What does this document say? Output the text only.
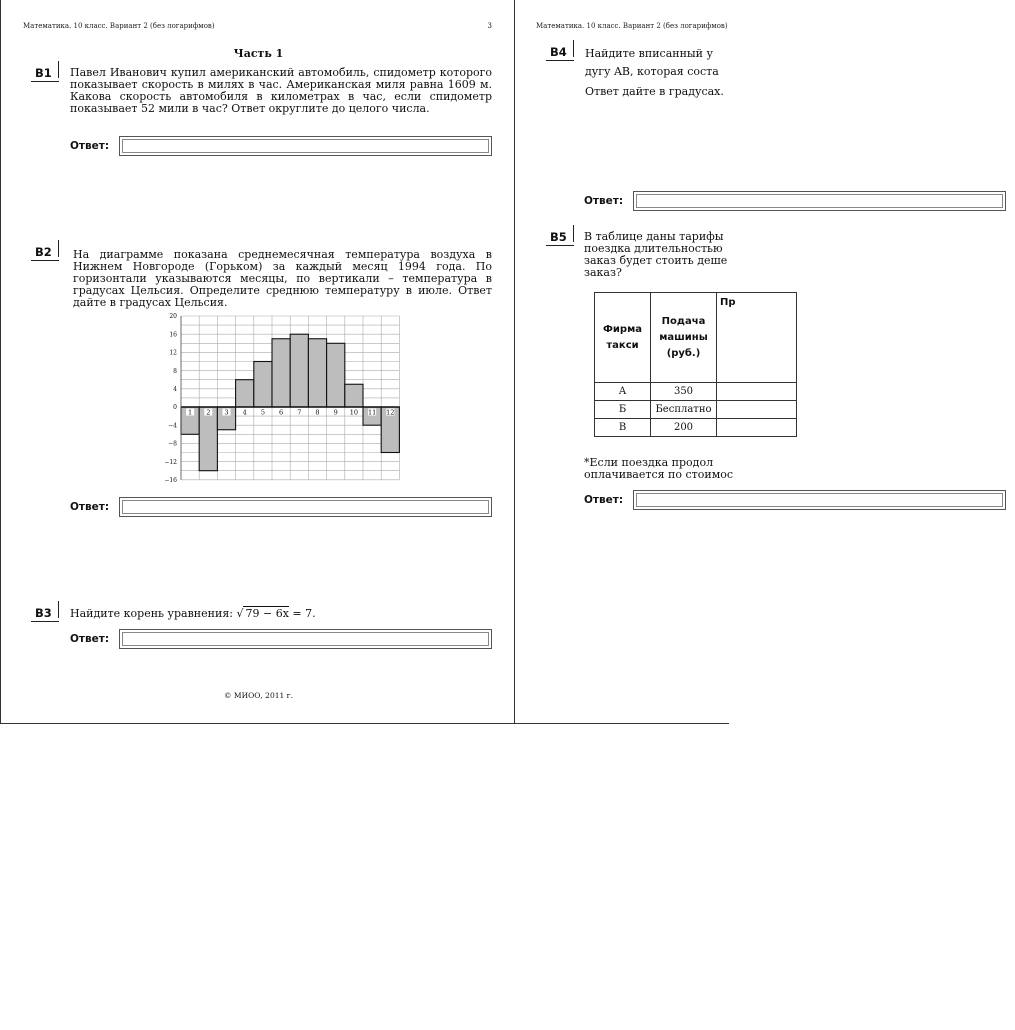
Математика. 10 класс. Вариант 2 (без логарифмов)	3
Часть 1
B1	Павел Иванович купил американский автомобиль, спидометр которого показывает скорость в милях в час. Американская миля равна 1609 м. Какова скорость автомобиля в километрах в час, если спидометр показывает 52 мили в час? Ответ округлите до целого числа.
Ответ:
B2	На диаграмме показана среднемесячная температура воздуха в Нижнем Новгороде (Горьком) за каждый месяц 1994 года. По горизонтали указываются месяцы, по вертикали – температура в градусах Цельсия. Определите среднюю температуру в июле. Ответ дайте в градусах Цельсия.
1 2 3 4 5 6 7 8 9 10 11 12
20
16
12
8
4
0
−4
−8
−12
−16
Ответ:
B3	Найдите корень уравнения: √ 79 − 6x = 7.
Ответ:
© МИОО, 2011 г.
Математика. 10 класс. Вариант 2 (без логарифмов)
B4	Найдите вписанный у
дугу AB, которая соста
Ответ дайте в градусах.
Ответ:
B5	В таблице даны тарифы
поездка длительностью
заказ будет стоить деше
заказ?
Фирма такси	Подача машины (руб.)	Пр
А	350	
Б	Бесплатно	
В	200	
*Если поездка продол
оплачивается по стоимос
Ответ:
